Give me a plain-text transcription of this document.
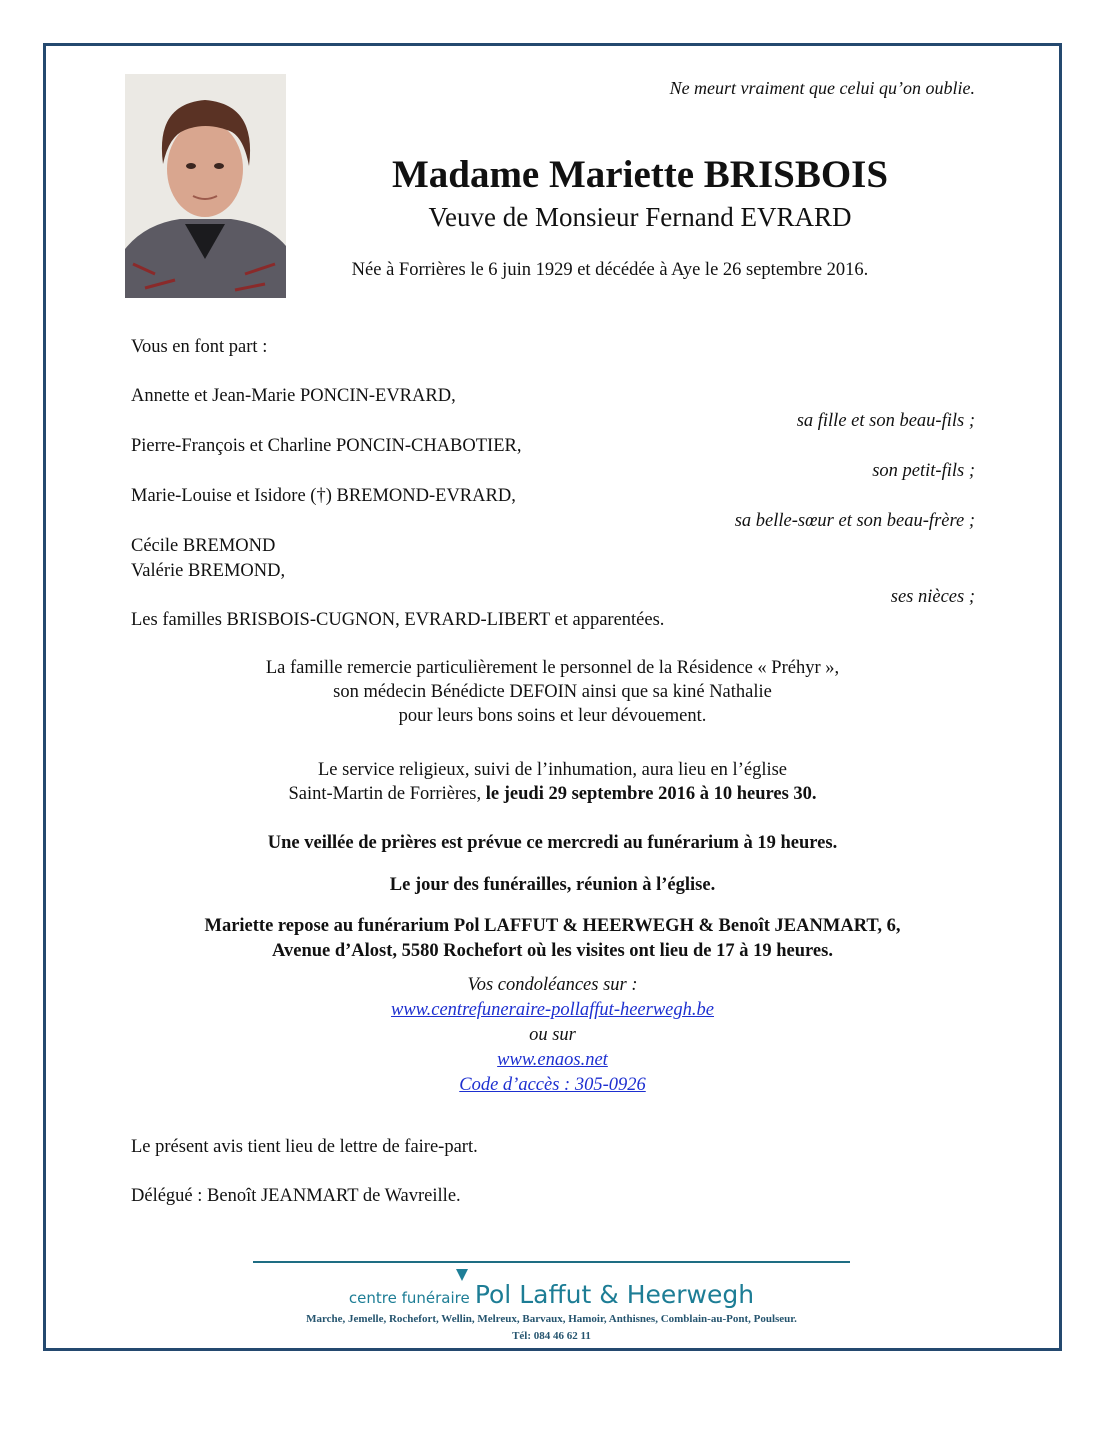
Ne meurt vraiment que celui qu’on oublie.
Madame Mariette BRISBOIS
Veuve de Monsieur Fernand EVRARD
Née à Forrières le 6 juin 1929 et décédée à Aye le 26 septembre 2016.
Vous en font part :
Annette et Jean-Marie PONCIN-EVRARD,
sa fille et son beau-fils ;
Pierre-François et Charline PONCIN-CHABOTIER,
son petit-fils ;
Marie-Louise et Isidore (†) BREMOND-EVRARD,
sa belle-sœur et son beau-frère ;
Cécile BREMOND
Valérie BREMOND,
ses nièces ;
Les familles BRISBOIS-CUGNON, EVRARD-LIBERT et apparentées.
La famille remercie particulièrement le personnel de la Résidence « Préhyr »,
son médecin Bénédicte DEFOIN ainsi que sa kiné Nathalie
pour leurs bons soins et leur dévouement.
Le service religieux, suivi de l’inhumation, aura lieu en l’église
Saint-Martin de Forrières, le jeudi 29 septembre 2016 à 10 heures 30.
Une veillée de prières est prévue ce mercredi au funérarium à 19 heures.
Le jour des funérailles, réunion à l’église.
Mariette repose au funérarium Pol LAFFUT & HEERWEGH & Benoît JEANMART, 6,
Avenue d’Alost, 5580 Rochefort où les visites ont lieu de 17 à 19 heures.
Vos condoléances sur :
www.centrefuneraire-pollaffut-heerwegh.be
ou sur
www.enaos.net
Code d’accès : 305-0926
Le présent avis tient lieu de lettre de faire-part.
Délégué : Benoît JEANMART de Wavreille.
centre funéraire Pol Laffut & Heerwegh
Marche, Jemelle, Rochefort, Wellin, Melreux, Barvaux, Hamoir, Anthisnes, Comblain-au-Pont, Poulseur.
Tél: 084 46 62 11
